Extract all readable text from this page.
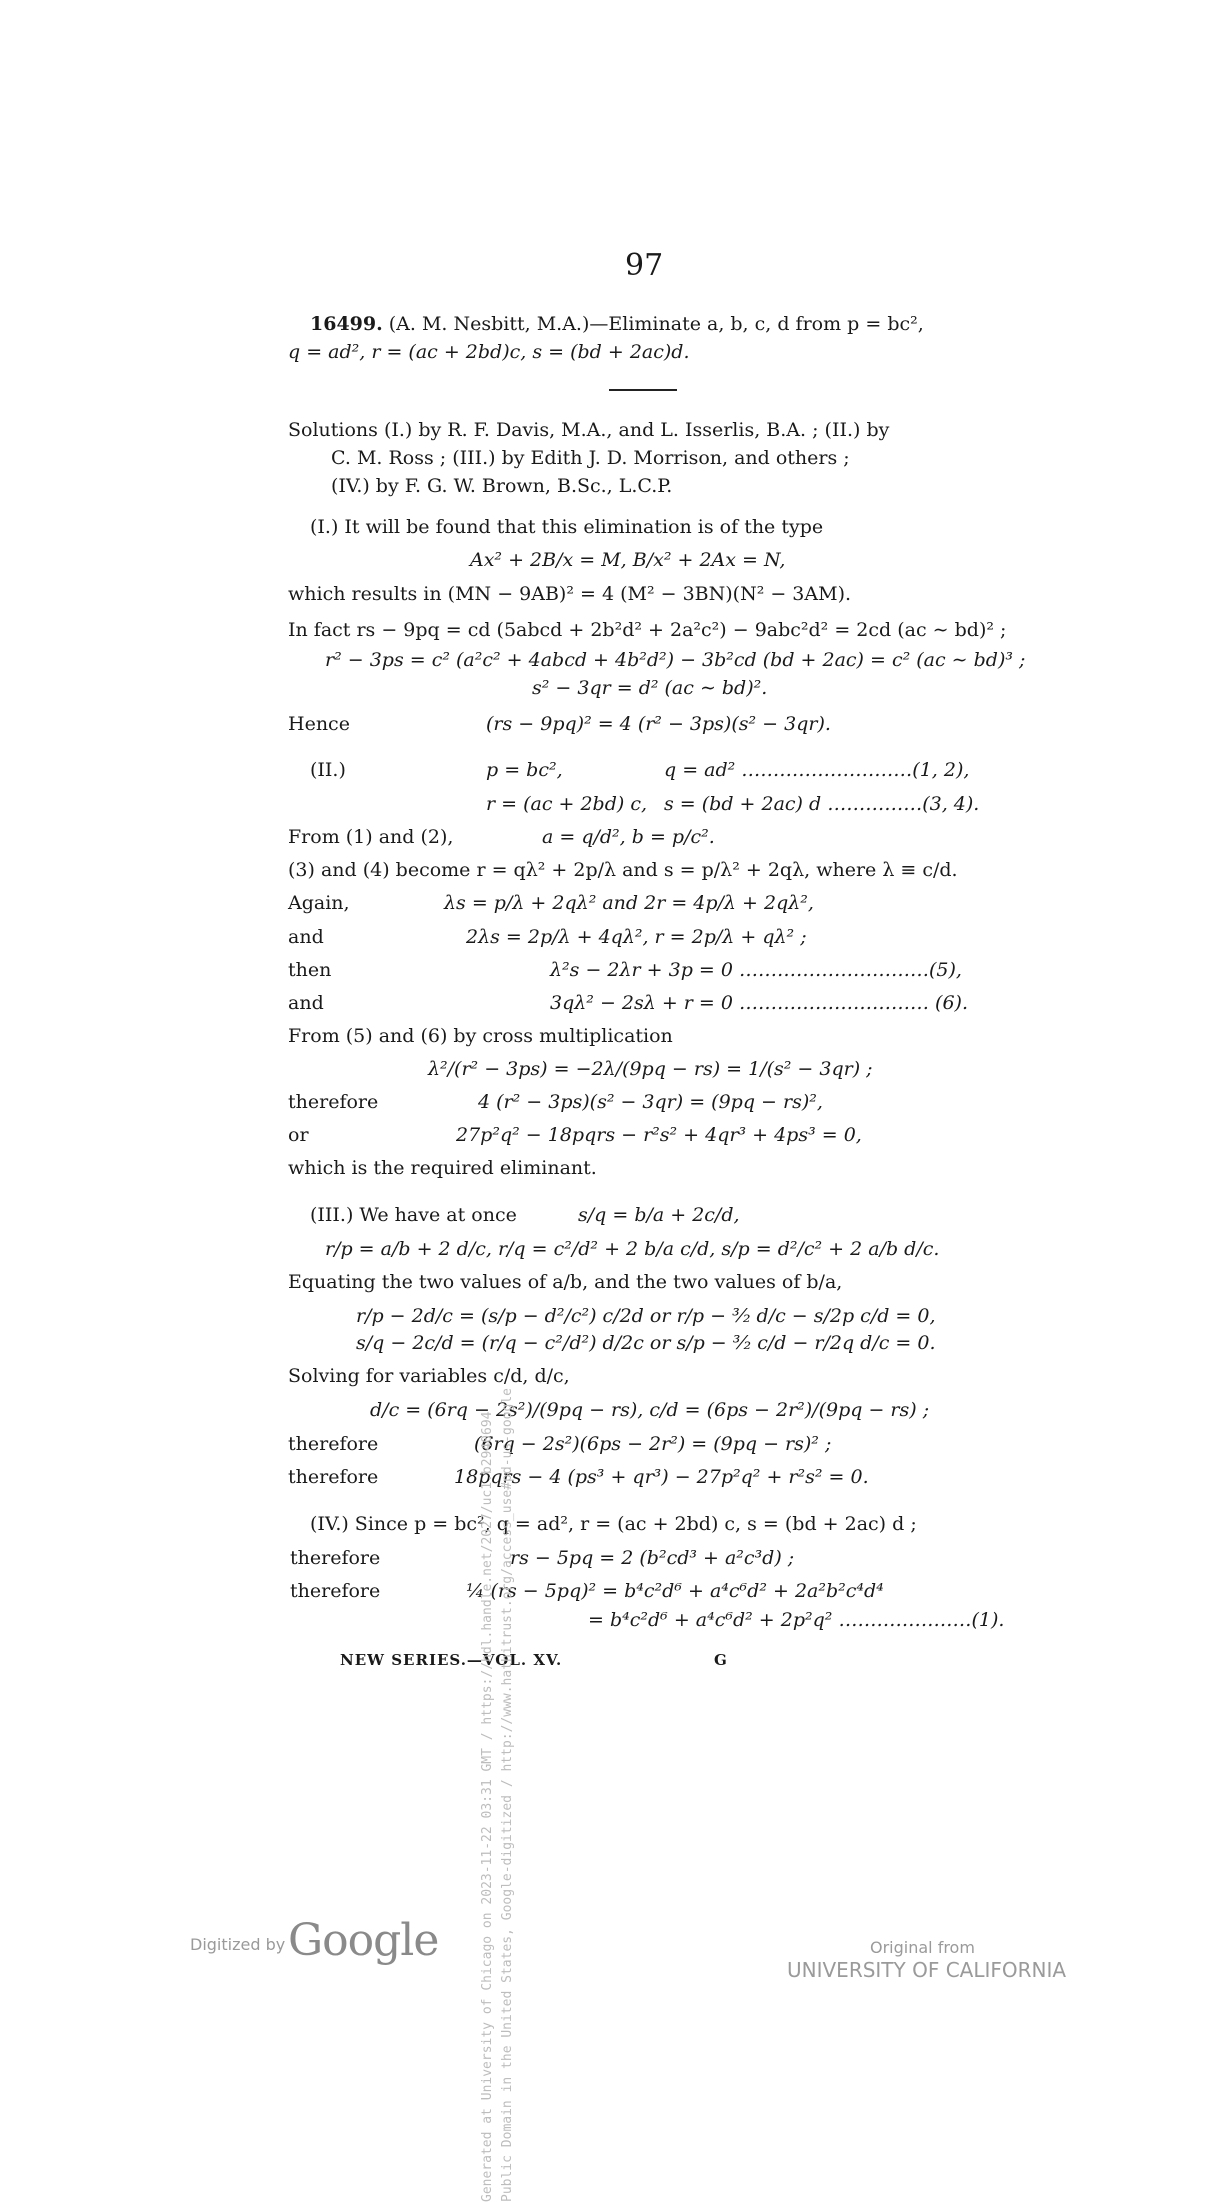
97
16499. (A. M. Nesbitt, M.A.)—Eliminate a, b, c, d from p = bc²,
q = ad², r = (ac + 2bd)c, s = (bd + 2ac)d.
Solutions (I.) by R. F. Davis, M.A., and L. Isserlis, B.A. ; (II.) by
C. M. Ross ; (III.) by Edith J. D. Morrison, and others ;
(IV.) by F. G. W. Brown, B.Sc., L.C.P.
(I.) It will be found that this elimination is of the type
Ax² + 2B/x = M, B/x² + 2Ax = N,
which results in (MN − 9AB)² = 4 (M² − 3BN)(N² − 3AM).
In fact rs − 9pq = cd (5abcd + 2b²d² + 2a²c²) − 9abc²d² = 2cd (ac ∼ bd)² ;
r² − 3ps = c² (a²c² + 4abcd + 4b²d²) − 3b²cd (bd + 2ac) = c² (ac ∼ bd)³ ;
s² − 3qr = d² (ac ∼ bd)².
Hence	(rs − 9pq)² = 4 (r² − 3ps)(s² − 3qr).
(II.)	p = bc²,	q = ad² ………………………(1, 2),
r = (ac + 2bd) c, s = (bd + 2ac) d ……………(3, 4).
From (1) and (2),	a = q/d², b = p/c².
(3) and (4) become r = qλ² + 2p/λ and s = p/λ² + 2qλ, where λ ≡ c/d.
Again,	λs = p/λ + 2qλ² and 2r = 4p/λ + 2qλ²,
and	2λs = 2p/λ + 4qλ², r = 2p/λ + qλ² ;
then	λ²s − 2λr + 3p = 0 …………………………(5),
and	3qλ² − 2sλ + r = 0 ………………………… (6).
From (5) and (6) by cross multiplication
λ²/(r² − 3ps) = −2λ/(9pq − rs) = 1/(s² − 3qr) ;
therefore	4 (r² − 3ps)(s² − 3qr) = (9pq − rs)²,
or	27p²q² − 18pqrs − r²s² + 4qr³ + 4ps³ = 0,
which is the required eliminant.
(III.) We have at once	s/q = b/a + 2c/d,
r/p = a/b + 2 d/c, r/q = c²/d² + 2 b/a c/d, s/p = d²/c² + 2 a/b d/c.
Equating the two values of a/b, and the two values of b/a,
r/p − 2d/c = (s/p − d²/c²) c/2d or r/p − ³⁄₂ d/c − s/2p c/d = 0,
s/q − 2c/d = (r/q − c²/d²) d/2c or s/p − ³⁄₂ c/d − r/2q d/c = 0.
Solving for variables c/d, d/c,
d/c = (6rq − 2s²)/(9pq − rs), c/d = (6ps − 2r²)/(9pq − rs) ;
therefore	(6rq − 2s²)(6ps − 2r²) = (9pq − rs)² ;
therefore	18pqrs − 4 (ps³ + qr³) − 27p²q² + r²s² = 0.
(IV.) Since p = bc², q = ad², r = (ac + 2bd) c, s = (bd + 2ac) d ;
therefore	rs − 5pq = 2 (b²cd³ + a²c³d) ;
therefore	¼ (rs − 5pq)² = b⁴c²d⁶ + a⁴c⁶d² + 2a²b²c⁴d⁴
= b⁴c²d⁶ + a⁴c⁶d² + 2p²q² …………………(1).
NEW SERIES.—VOL. XV.	G
Generated at University of Chicago on 2023-11-22 03:31 GMT / https://hdl.handle.net/2027/uc1.b2940694 Public Domain in the United States, Google-digitized / http://www.hathitrust.org/access_use#pd-us-google
Digitized by Google	Original from
UNIVERSITY OF CALIFORNIA
